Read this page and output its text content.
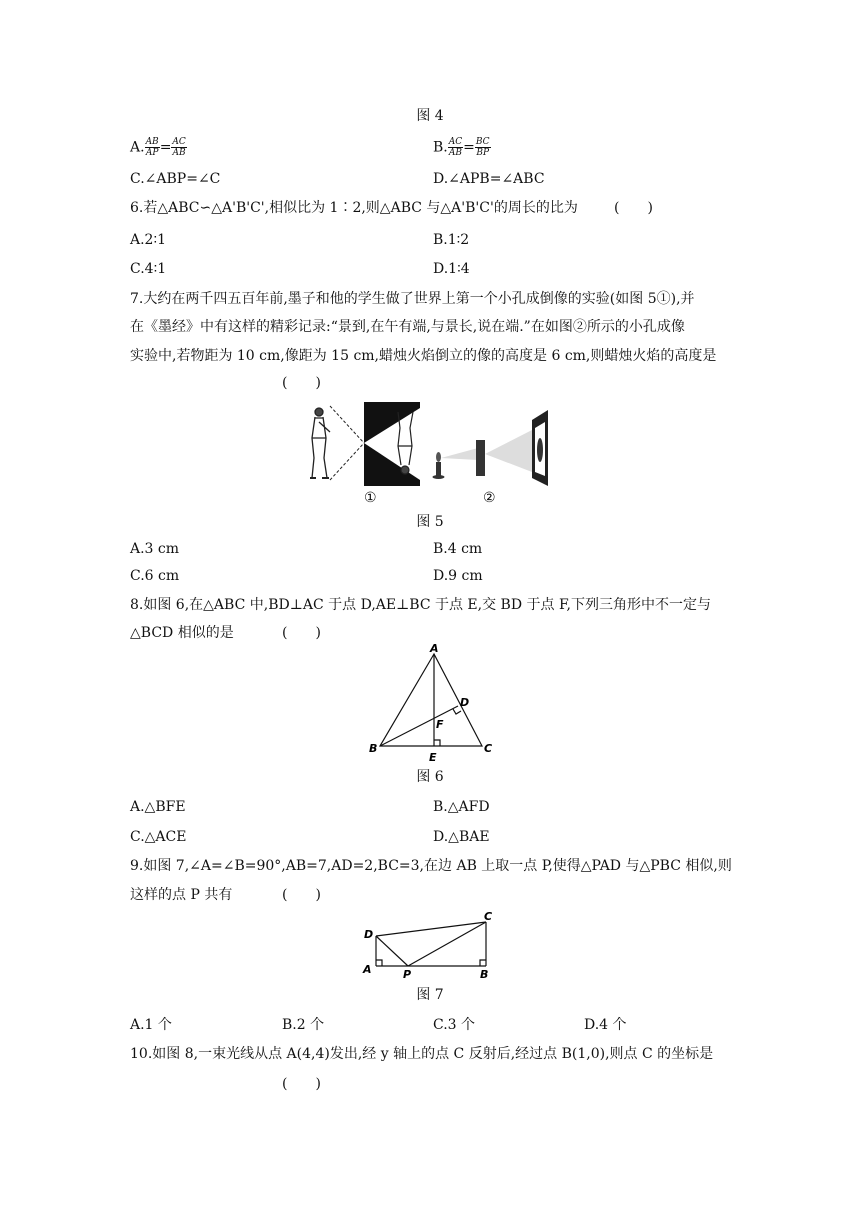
图 4
A. $\frac{AB}{AP} = \frac{AC}{AB}$	B. $\frac{AC}{AB} = \frac{BC}{BP}$
C.∠ABP=∠C	D.∠APB=∠ABC
6.若△ABC∽△A'B'C',相似比为 1∶2,则△ABC 与△A'B'C'的周长的比为	(　　)
A.2∶1	B.1∶2
C.4∶1	D.1∶4
7.大约在两千四五百年前,墨子和他的学生做了世界上第一个小孔成倒像的实验(如图 5①),并
在《墨经》中有这样的精彩记录:“景到,在午有端,与景长,说在端.”在如图②所示的小孔成像
实验中,若物距为 10 cm,像距为 15 cm,蜡烛火焰倒立的像的高度是 6 cm,则蜡烛火焰的高度是
(　　)
①	②
图 5
A.3 cm	B.4 cm
C.6 cm	D.9 cm
8.如图 6,在△ABC 中,BD⊥AC 于点 D,AE⊥BC 于点 E,交 BD 于点 F,下列三角形中不一定与
△BCD 相似的是	(　　)
A
B	C
D
E
F
图 6
A.△BFE	B.△AFD
C.△ACE	D.△BAE
9.如图 7,∠A=∠B=90°,AB=7,AD=2,BC=3,在边 AB 上取一点 P,使得△PAD 与△PBC 相似,则
这样的点 P 共有	(　　)
D
A	P	B
C
图 7
A.1 个	B.2 个	C.3 个	D.4 个
10.如图 8,一束光线从点 A(4,4)发出,经 y 轴上的点 C 反射后,经过点 B(1,0),则点 C 的坐标是
(　　)
